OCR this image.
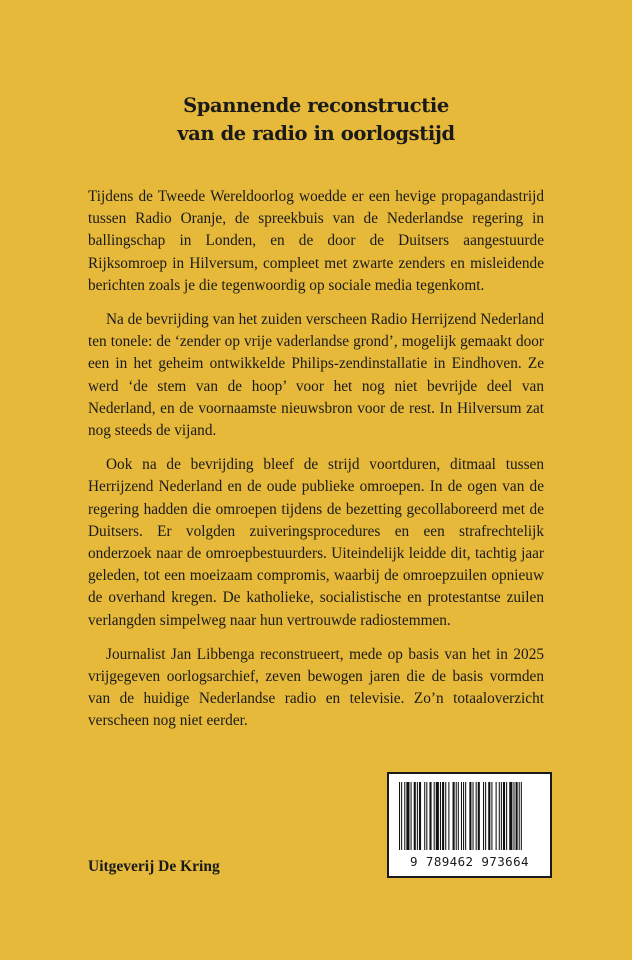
Spannende reconstructie
van de radio in oorlogstijd

Tijdens de Tweede Wereldoorlog woedde er een hevige propagandastrijd tussen Radio Oranje, de spreekbuis van de Nederlandse regering in ballingschap in Londen, en de door de Duitsers aangestuurde Rijksomroep in Hilversum, compleet met zwarte zenders en misleidende berichten zoals je die tegenwoordig op sociale media tegenkomt.

Na de bevrijding van het zuiden verscheen Radio Herrijzend Nederland ten tonele: de ‘zender op vrije vaderlandse grond’, mogelijk gemaakt door een in het geheim ontwikkelde Philips-zendinstallatie in Eindhoven. Ze werd ‘de stem van de hoop’ voor het nog niet bevrijde deel van Nederland, en de voornaamste nieuwsbron voor de rest. In Hilversum zat nog steeds de vijand.

Ook na de bevrijding bleef de strijd voortduren, ditmaal tussen Herrijzend Nederland en de oude publieke omroepen. In de ogen van de regering hadden die omroepen tijdens de bezetting gecollaboreerd met de Duitsers. Er volgden zuiveringsprocedures en een strafrechtelijk onderzoek naar de omroepbestuurders. Uiteindelijk leidde dit, tachtig jaar geleden, tot een moeizaam compromis, waarbij de omroepzuilen opnieuw de overhand kregen. De katholieke, socialistische en protestantse zuilen verlangden simpelweg naar hun vertrouwde radiostemmen.

Journalist Jan Libbenga reconstrueert, mede op basis van het in 2025 vrijgegeven oorlogsarchief, zeven bewogen jaren die de basis vormden van de huidige Nederlandse radio en televisie. Zo’n totaaloverzicht verscheen nog niet eerder.

Uitgeverij De Kring	9 789462 973664
